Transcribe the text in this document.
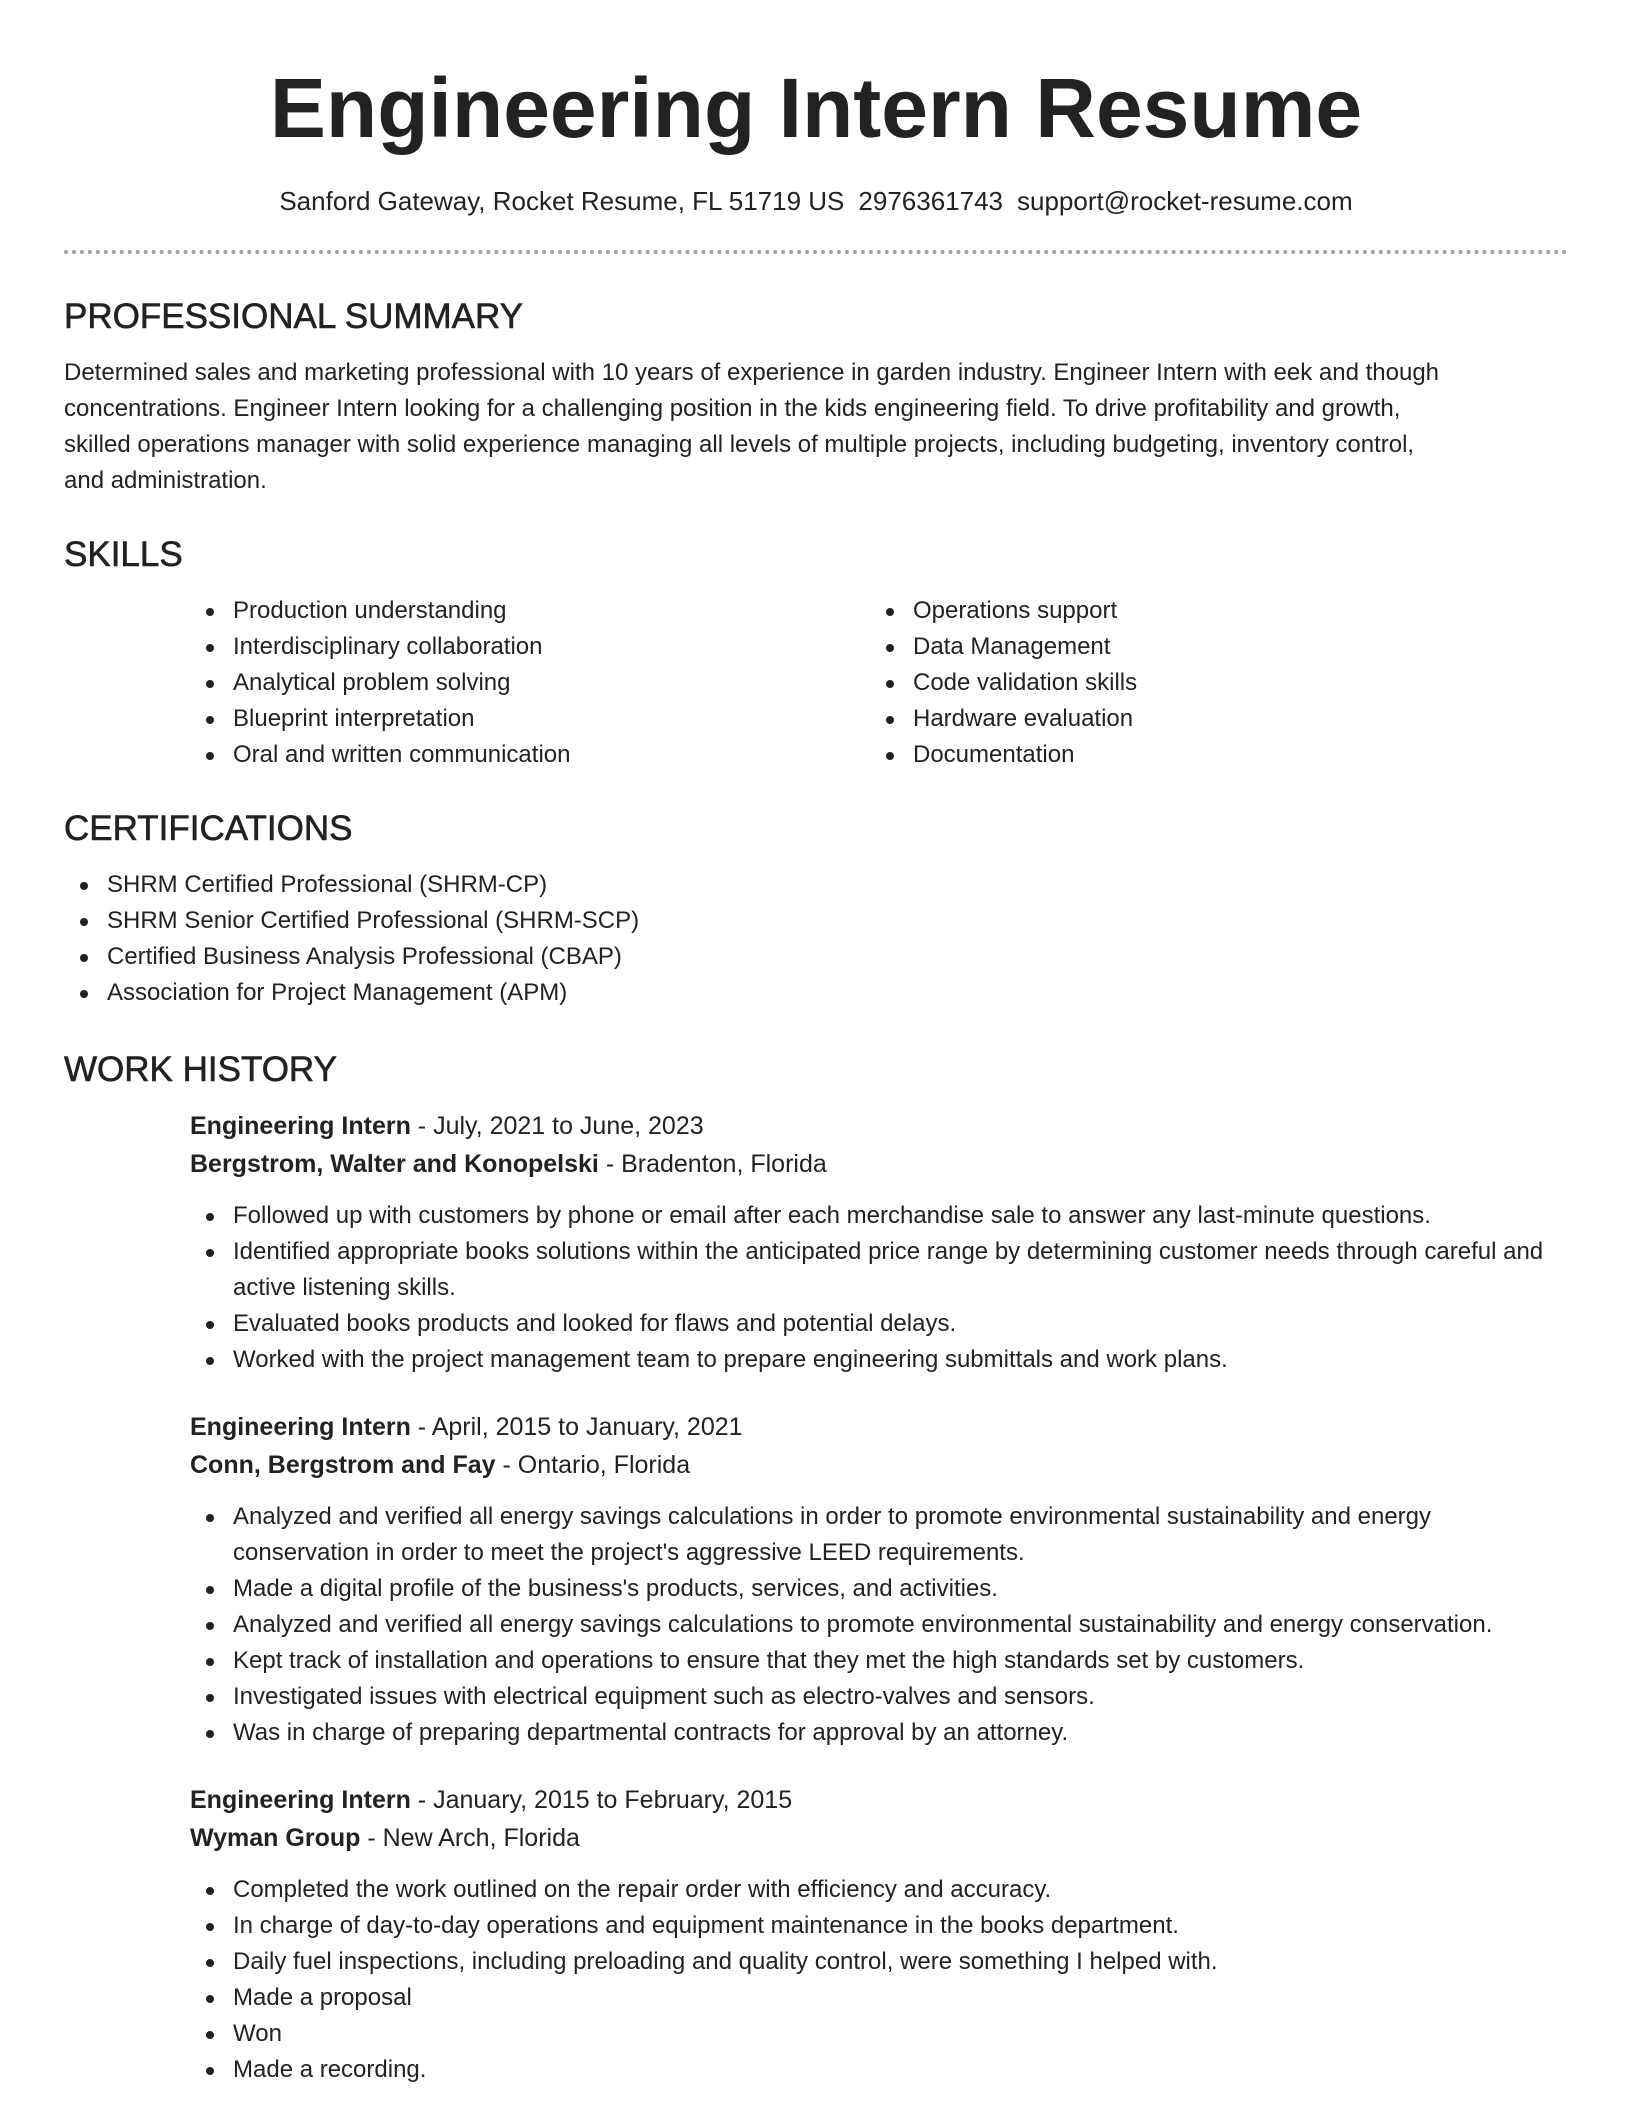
Engineering Intern Resume
Sanford Gateway, Rocket Resume, FL 51719 US 2976361743 support@rocket-resume.com
PROFESSIONAL SUMMARY

Determined sales and marketing professional with 10 years of experience in garden industry. Engineer Intern with eek and though concentrations. Engineer Intern looking for a challenging position in the kids engineering field. To drive profitability and growth, skilled operations manager with solid experience managing all levels of multiple projects, including budgeting, inventory control, and administration.

SKILLS
Production understanding
Interdisciplinary collaboration
Analytical problem solving
Blueprint interpretation
Oral and written communication
Operations support
Data Management
Code validation skills
Hardware evaluation
Documentation
CERTIFICATIONS
SHRM Certified Professional (SHRM-CP)
SHRM Senior Certified Professional (SHRM-SCP)
Certified Business Analysis Professional (CBAP)
Association for Project Management (APM)
WORK HISTORY
Engineering Intern - July, 2021 to June, 2023
Bergstrom, Walter and Konopelski - Bradenton, Florida
Followed up with customers by phone or email after each merchandise sale to answer any last-minute questions.
Identified appropriate books solutions within the anticipated price range by determining customer needs through careful and active listening skills.
Evaluated books products and looked for flaws and potential delays.
Worked with the project management team to prepare engineering submittals and work plans.
Engineering Intern - April, 2015 to January, 2021
Conn, Bergstrom and Fay - Ontario, Florida
Analyzed and verified all energy savings calculations in order to promote environmental sustainability and energy conservation in order to meet the project's aggressive LEED requirements.
Made a digital profile of the business's products, services, and activities.
Analyzed and verified all energy savings calculations to promote environmental sustainability and energy conservation.
Kept track of installation and operations to ensure that they met the high standards set by customers.
Investigated issues with electrical equipment such as electro-valves and sensors.
Was in charge of preparing departmental contracts for approval by an attorney.
Engineering Intern - January, 2015 to February, 2015
Wyman Group - New Arch, Florida
Completed the work outlined on the repair order with efficiency and accuracy.
In charge of day-to-day operations and equipment maintenance in the books department.
Daily fuel inspections, including preloading and quality control, were something I helped with.
Made a proposal
Won
Made a recording.
